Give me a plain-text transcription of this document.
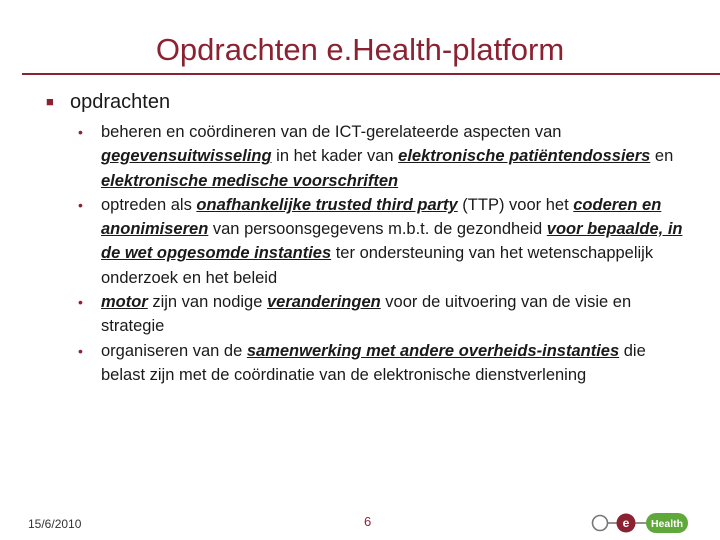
Opdrachten e.Health-platform
■ opdrachten
• beheren en coördineren van de ICT-gerelateerde aspecten van gegevensuitwisseling in het kader van elektronische patiëntendossiers en elektronische medische voorschriften
• optreden als onafhankelijke trusted third party (TTP) voor het coderen en anonimiseren van persoonsgegevens m.b.t. de gezondheid voor bepaalde, in de wet opgesomde instanties ter ondersteuning van het wetenschappelijk onderzoek en het beleid
• motor zijn van nodige veranderingen voor de uitvoering van de visie en strategie
• organiseren van de samenwerking met andere overheids-instanties die belast zijn met de coördinatie van de elektronische dienstverlening
15/6/2010	6	e Health
